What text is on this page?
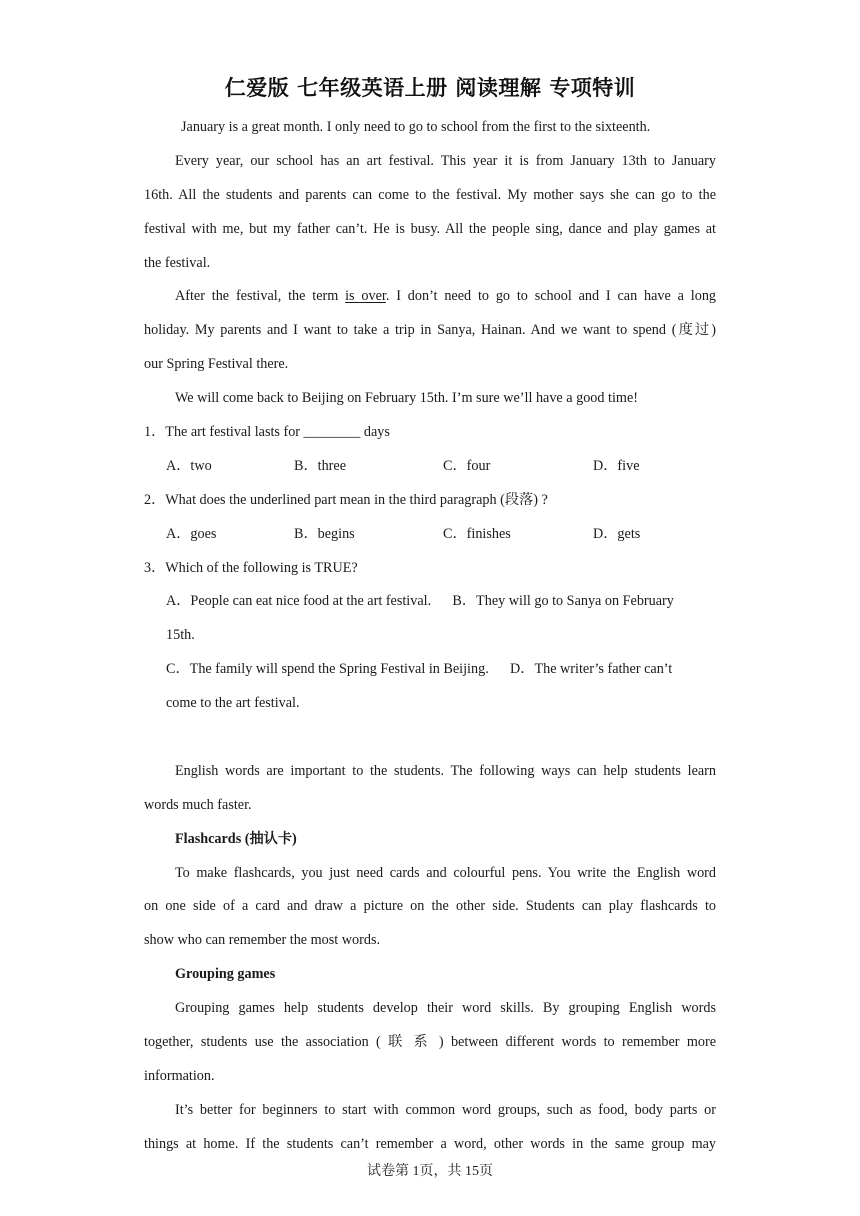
仁爱版 七年级英语上册 阅读理解 专项特训
January is a great month. I only need to go to school from the first to the sixteenth.
Every year, our school has an art festival. This year it is from January 13th to January
16th. All the students and parents can come to the festival. My mother says she can go to the
festival with me, but my father can’t. He is busy. All the people sing, dance and play games at
the festival.
After the festival, the term is over. I don’t need to go to school and I can have a long
holiday. My parents and I want to take a trip in Sanya, Hainan. And we want to spend (度过)
our Spring Festival there.
We will come back to Beijing on February 15th. I’m sure we’ll have a good time!
1．The art festival lasts for ________ days
A．two	B．three	C．four	D．five
2．What does the underlined part mean in the third paragraph (段落) ?
A．goes	B．begins	C．finishes	D．gets
3．Which of the following is TRUE?
A．People can eat nice food at the art festival.      B．They will go to Sanya on February
15th.
C．The family will spend the Spring Festival in Beijing.      D．The writer’s father can’t
come to the art festival.
English words are important to the students. The following ways can help students learn
words much faster.
Flashcards (抽认卡)
To make flashcards, you just need cards and colourful pens. You write the English word
on one side of a card and draw a picture on the other side. Students can play flashcards to
show who can remember the most words.
Grouping games
Grouping games help students develop their word skills. By grouping English words
together, students use the association ( 联 系 ) between different words to remember more
information.
It’s better for beginners to start with common word groups, such as food, body parts or
things at home. If the students can’t remember a word, other words in the same group may
试卷第 1页，共 15页
